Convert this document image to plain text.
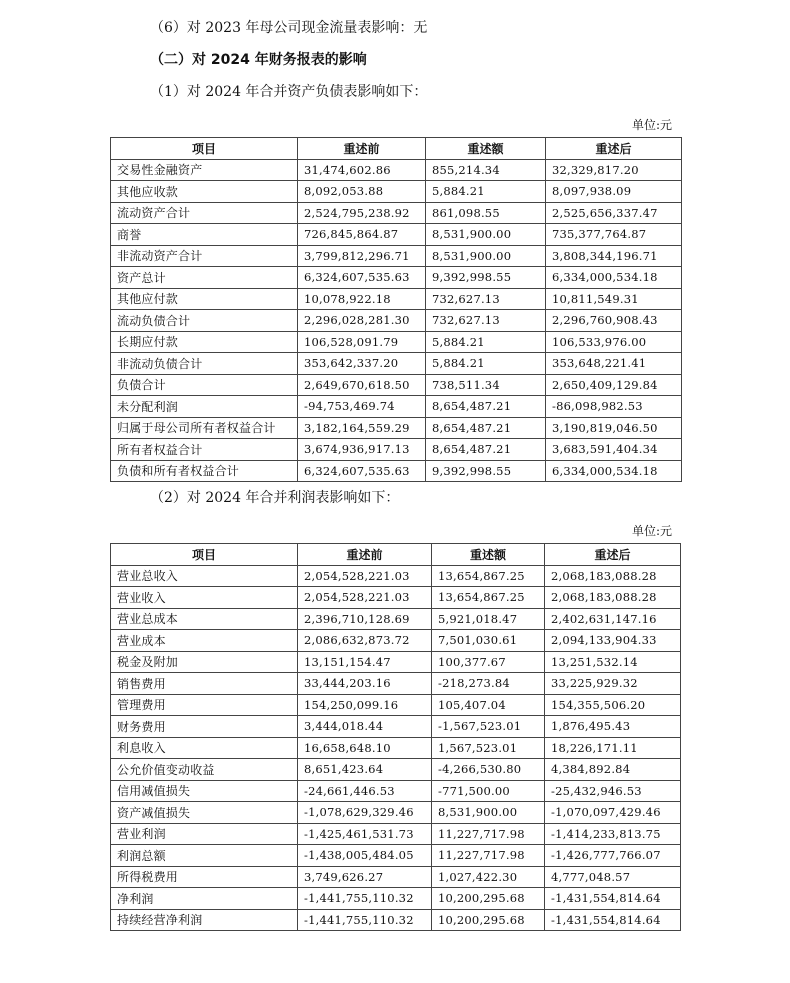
（6）对 2023 年母公司现金流量表影响：无
（二）对 2024 年财务报表的影响
（1）对 2024 年合并资产负债表影响如下：
单位:元
项目	重述前	重述额	重述后
交易性金融资产	31,474,602.86	855,214.34	32,329,817.20
其他应收款	8,092,053.88	5,884.21	8,097,938.09
流动资产合计	2,524,795,238.92	861,098.55	2,525,656,337.47
商誉	726,845,864.87	8,531,900.00	735,377,764.87
非流动资产合计	3,799,812,296.71	8,531,900.00	3,808,344,196.71
资产总计	6,324,607,535.63	9,392,998.55	6,334,000,534.18
其他应付款	10,078,922.18	732,627.13	10,811,549.31
流动负债合计	2,296,028,281.30	732,627.13	2,296,760,908.43
长期应付款	106,528,091.79	5,884.21	106,533,976.00
非流动负债合计	353,642,337.20	5,884.21	353,648,221.41
负债合计	2,649,670,618.50	738,511.34	2,650,409,129.84
未分配利润	-94,753,469.74	8,654,487.21	-86,098,982.53
归属于母公司所有者权益合计	3,182,164,559.29	8,654,487.21	3,190,819,046.50
所有者权益合计	3,674,936,917.13	8,654,487.21	3,683,591,404.34
负债和所有者权益合计	6,324,607,535.63	9,392,998.55	6,334,000,534.18
（2）对 2024 年合并利润表影响如下：
单位:元
项目	重述前	重述额	重述后
营业总收入	2,054,528,221.03	13,654,867.25	2,068,183,088.28
营业收入	2,054,528,221.03	13,654,867.25	2,068,183,088.28
营业总成本	2,396,710,128.69	5,921,018.47	2,402,631,147.16
营业成本	2,086,632,873.72	7,501,030.61	2,094,133,904.33
税金及附加	13,151,154.47	100,377.67	13,251,532.14
销售费用	33,444,203.16	-218,273.84	33,225,929.32
管理费用	154,250,099.16	105,407.04	154,355,506.20
财务费用	3,444,018.44	-1,567,523.01	1,876,495.43
利息收入	16,658,648.10	1,567,523.01	18,226,171.11
公允价值变动收益	8,651,423.64	-4,266,530.80	4,384,892.84
信用减值损失	-24,661,446.53	-771,500.00	-25,432,946.53
资产减值损失	-1,078,629,329.46	8,531,900.00	-1,070,097,429.46
营业利润	-1,425,461,531.73	11,227,717.98	-1,414,233,813.75
利润总额	-1,438,005,484.05	11,227,717.98	-1,426,777,766.07
所得税费用	3,749,626.27	1,027,422.30	4,777,048.57
净利润	-1,441,755,110.32	10,200,295.68	-1,431,554,814.64
持续经营净利润	-1,441,755,110.32	10,200,295.68	-1,431,554,814.64
